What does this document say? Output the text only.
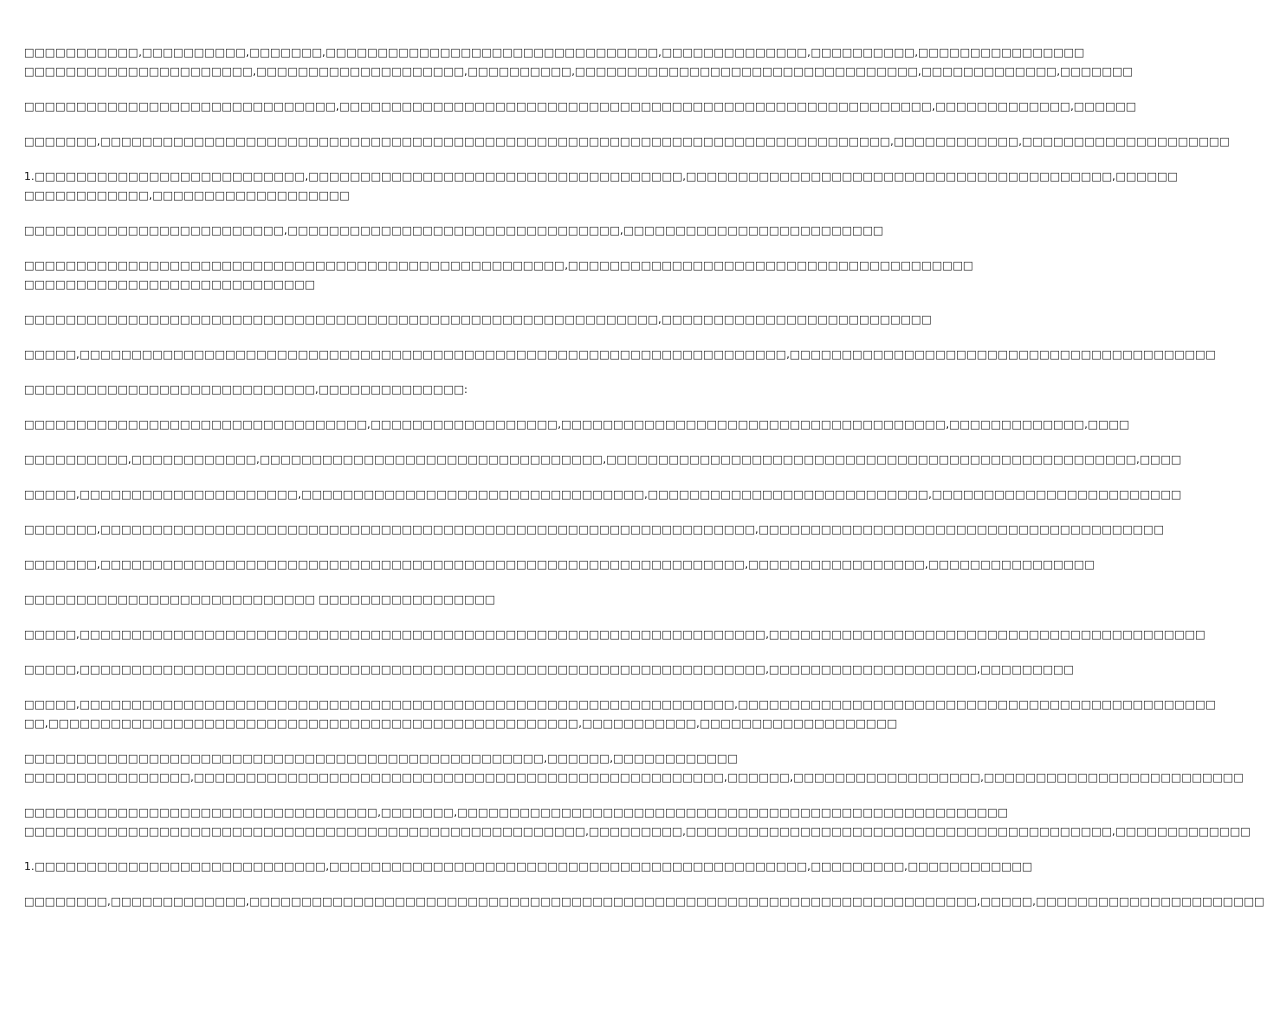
□□□□□□□□□□□,□□□□□□□□□□,□□□□□□□,□□□□□□□□□□□□□□□□□□□□□□□□□□□□□□□□,□□□□□□□□□□□□□□,□□□□□□□□□□,□□□□□□□□□□□□□□□□
□□□□□□□□□□□□□□□□□□□□□□,□□□□□□□□□□□□□□□□□□□□,□□□□□□□□□□,□□□□□□□□□□□□□□□□□□□□□□□□□□□□□□□□□,□□□□□□□□□□□□□,□□□□□□□

□□□□□□□□□□□□□□□□□□□□□□□□□□□□□□,□□□□□□□□□□□□□□□□□□□□□□□□□□□□□□□□□□□□□□□□□□□□□□□□□□□□□□□□□,□□□□□□□□□□□□□,□□□□□□

□□□□□□□,□□□□□□□□□□□□□□□□□□□□□□□□□□□□□□□□□□□□□□□□□□□□□□□□□□□□□□□□□□□□□□□□□□□□□□□□□□□□,□□□□□□□□□□□□,□□□□□□□□□□□□□□□□□□□□

1.□□□□□□□□□□□□□□□□□□□□□□□□□□,□□□□□□□□□□□□□□□□□□□□□□□□□□□□□□□□□□□□,□□□□□□□□□□□□□□□□□□□□□□□□□□□□□□□□□□□□□□□□□,□□□□□□
□□□□□□□□□□□□,□□□□□□□□□□□□□□□□□□□

□□□□□□□□□□□□□□□□□□□□□□□□□,□□□□□□□□□□□□□□□□□□□□□□□□□□□□□□□□,□□□□□□□□□□□□□□□□□□□□□□□□□

□□□□□□□□□□□□□□□□□□□□□□□□□□□□□□□□□□□□□□□□□□□□□□□□□□□□,□□□□□□□□□□□□□□□□□□□□□□□□□□□□□□□□□□□□□□□
□□□□□□□□□□□□□□□□□□□□□□□□□□□□

□□□□□□□□□□□□□□□□□□□□□□□□□□□□□□□□□□□□□□□□□□□□□□□□□□□□□□□□□□□□□,□□□□□□□□□□□□□□□□□□□□□□□□□□

□□□□□,□□□□□□□□□□□□□□□□□□□□□□□□□□□□□□□□□□□□□□□□□□□□□□□□□□□□□□□□□□□□□□□□□□□□,□□□□□□□□□□□□□□□□□□□□□□□□□□□□□□□□□□□□□□□□□

□□□□□□□□□□□□□□□□□□□□□□□□□□□□,□□□□□□□□□□□□□□:

□□□□□□□□□□□□□□□□□□□□□□□□□□□□□□□□□,□□□□□□□□□□□□□□□□□□,□□□□□□□□□□□□□□□□□□□□□□□□□□□□□□□□□□□□□,□□□□□□□□□□□□□,□□□□

□□□□□□□□□□,□□□□□□□□□□□□,□□□□□□□□□□□□□□□□□□□□□□□□□□□□□□□□□,□□□□□□□□□□□□□□□□□□□□□□□□□□□□□□□□□□□□□□□□□□□□□□□□□□□,□□□□

□□□□□,□□□□□□□□□□□□□□□□□□□□□,□□□□□□□□□□□□□□□□□□□□□□□□□□□□□□□□□,□□□□□□□□□□□□□□□□□□□□□□□□□□□,□□□□□□□□□□□□□□□□□□□□□□□□

□□□□□□□,□□□□□□□□□□□□□□□□□□□□□□□□□□□□□□□□□□□□□□□□□□□□□□□□□□□□□□□□□□□□□□□,□□□□□□□□□□□□□□□□□□□□□□□□□□□□□□□□□□□□□□□

□□□□□□□,□□□□□□□□□□□□□□□□□□□□□□□□□□□□□□□□□□□□□□□□□□□□□□□□□□□□□□□□□□□□□□,□□□□□□□□□□□□□□□□□,□□□□□□□□□□□□□□□□

□□□□□□□□□□□□□□□□□□□□□□□□□□□□ □□□□□□□□□□□□□□□□□

□□□□□,□□□□□□□□□□□□□□□□□□□□□□□□□□□□□□□□□□□□□□□□□□□□□□□□□□□□□□□□□□□□□□□□□□,□□□□□□□□□□□□□□□□□□□□□□□□□□□□□□□□□□□□□□□□□□

□□□□□,□□□□□□□□□□□□□□□□□□□□□□□□□□□□□□□□□□□□□□□□□□□□□□□□□□□□□□□□□□□□□□□□□□,□□□□□□□□□□□□□□□□□□□□,□□□□□□□□□

□□□□□,□□□□□□□□□□□□□□□□□□□□□□□□□□□□□□□□□□□□□□□□□□□□□□□□□□□□□□□□□□□□□□□,□□□□□□□□□□□□□□□□□□□□□□□□□□□□□□□□□□□□□□□□□□□□□□
□□,□□□□□□□□□□□□□□□□□□□□□□□□□□□□□□□□□□□□□□□□□□□□□□□□□□□,□□□□□□□□□□□,□□□□□□□□□□□□□□□□□□□

□□□□□□□□□□□□□□□□□□□□□□□□□□□□□□□□□□□□□□□□□□□□□□□□□□,□□□□□□,□□□□□□□□□□□□
□□□□□□□□□□□□□□□□,□□□□□□□□□□□□□□□□□□□□□□□□□□□□□□□□□□□□□□□□□□□□□□□□□□□,□□□□□□,□□□□□□□□□□□□□□□□□□,□□□□□□□□□□□□□□□□□□□□□□□□□

□□□□□□□□□□□□□□□□□□□□□□□□□□□□□□□□□□,□□□□□□□,□□□□□□□□□□□□□□□□□□□□□□□□□□□□□□□□□□□□□□□□□□□□□□□□□□□□□
□□□□□□□□□□□□□□□□□□□□□□□□□□□□□□□□□□□□□□□□□□□□□□□□□□□□□□,□□□□□□□□□,□□□□□□□□□□□□□□□□□□□□□□□□□□□□□□□□□□□□□□□□□,□□□□□□□□□□□□□

1.□□□□□□□□□□□□□□□□□□□□□□□□□□□□,□□□□□□□□□□□□□□□□□□□□□□□□□□□□□□□□□□□□□□□□□□□□□□,□□□□□□□□□,□□□□□□□□□□□□

□□□□□□□□,□□□□□□□□□□□□□,□□□□□□□□□□□□□□□□□□□□□□□□□□□□□□□□□□□□□□□□□□□□□□□□□□□□□□□□□□□□□□□□□□□□□□,□□□□□,□□□□□□□□□□□□□□□□□□□□□□
